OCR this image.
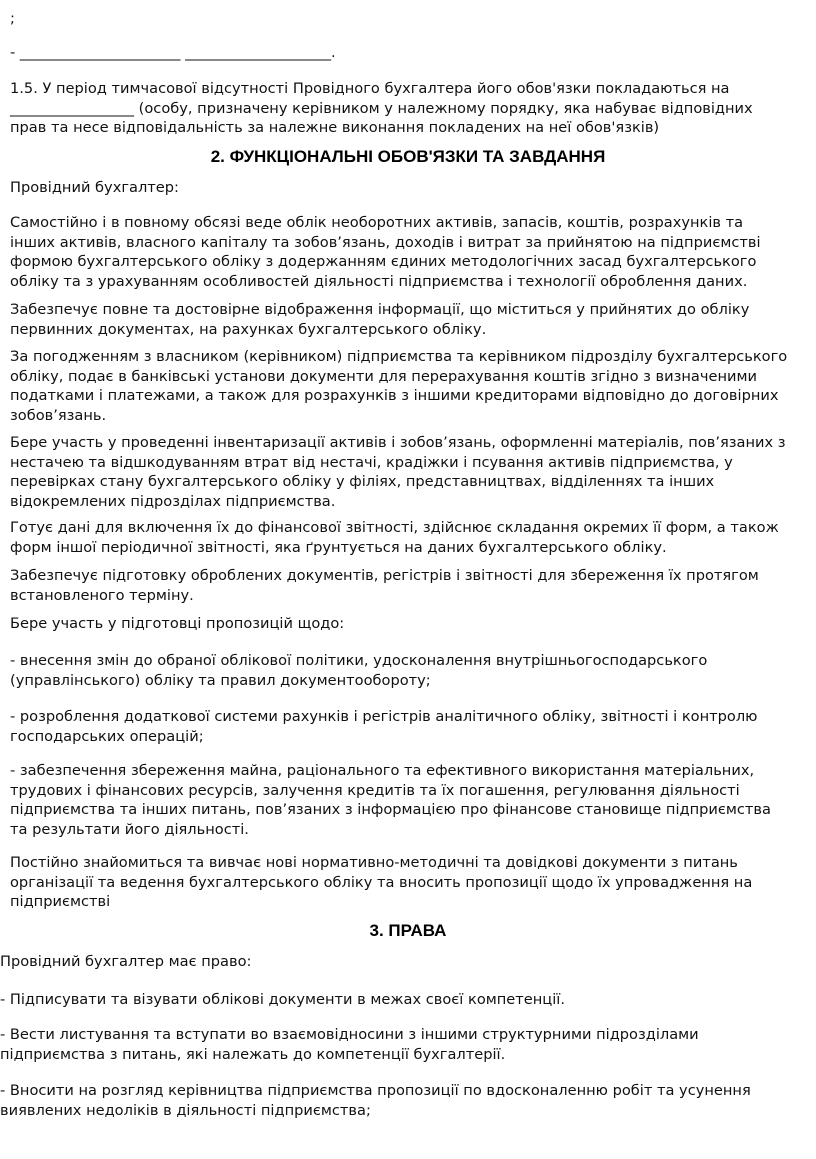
;

- ______________________ ____________________.

1.5. У період тимчасової відсутності Провідного бухгалтера його обов'язки покладаються на
_________________ (особу, призначену керівником у належному порядку, яка набуває відповідних
прав та несе відповідальність за належне виконання покладених на неї обов'язків)

2. ФУНКЦІОНАЛЬНІ ОБОВ'ЯЗКИ ТА ЗАВДАННЯ

Провідний бухгалтер:

Самостійно і в повному обсязі веде облік необоротних активів, запасів, коштів, розрахунків та
інших активів, власного капіталу та зобов’язань, доходів і витрат за прийнятою на підприємстві
формою бухгалтерського обліку з додержанням єдиних методологічних засад бухгалтерського
обліку та з урахуванням особливостей діяльності підприємства і технології оброблення даних.

Забезпечує повне та достовірне відображення інформації, що міститься у прийнятих до обліку
первинних документах, на рахунках бухгалтерського обліку.

За погодженням з власником (керівником) підприємства та керівником підрозділу бухгалтерського
обліку, подає в банківські установи документи для перерахування коштів згідно з визначеними
податками і платежами, а також для розрахунків з іншими кредиторами відповідно до договірних
зобов’язань.

Бере участь у проведенні інвентаризації активів і зобов’язань, оформленні матеріалів, пов’язаних з
нестачею та відшкодуванням втрат від нестачі, крадіжки і псування активів підприємства, у
перевірках стану бухгалтерського обліку у філіях, представництвах, відділеннях та інших
відокремлених підрозділах підприємства.

Готує дані для включення їх до фінансової звітності, здійснює складання окремих її форм, а також
форм іншої періодичної звітності, яка ґрунтується на даних бухгалтерського обліку.

Забезпечує підготовку оброблених документів, регістрів і звітності для збереження їх протягом
встановленого терміну.

Бере участь у підготовці пропозицій щодо:

- внесення змін до обраної облікової політики, удосконалення внутрішньогосподарського
(управлінського) обліку та правил документообороту;

- розроблення додаткової системи рахунків і регістрів аналітичного обліку, звітності і контролю
господарських операцій;

- забезпечення збереження майна, раціонального та ефективного використання матеріальних,
трудових і фінансових ресурсів, залучення кредитів та їх погашення, регулювання діяльності
підприємства та інших питань, пов’язаних з інформацією про фінансове становище підприємства
та результати його діяльності.

Постійно знайомиться та вивчає нові нормативно-методичні та довідкові документи з питань
організації та ведення бухгалтерського обліку та вносить пропозиції щодо їх упровадження на
підприємстві

3. ПРАВА

Провідний бухгалтер має право:

- Підписувати та візувати облікові документи в межах своєї компетенції.

- Вести листування та вступати во взаємовідносини з іншими структурними підрозділами
підприємства з питань, які належать до компетенції бухгалтерії.

- Вносити на розгляд керівництва підприємства пропозиції по вдосконаленню робіт та усунення
виявлених недоліків в діяльності підприємства;
